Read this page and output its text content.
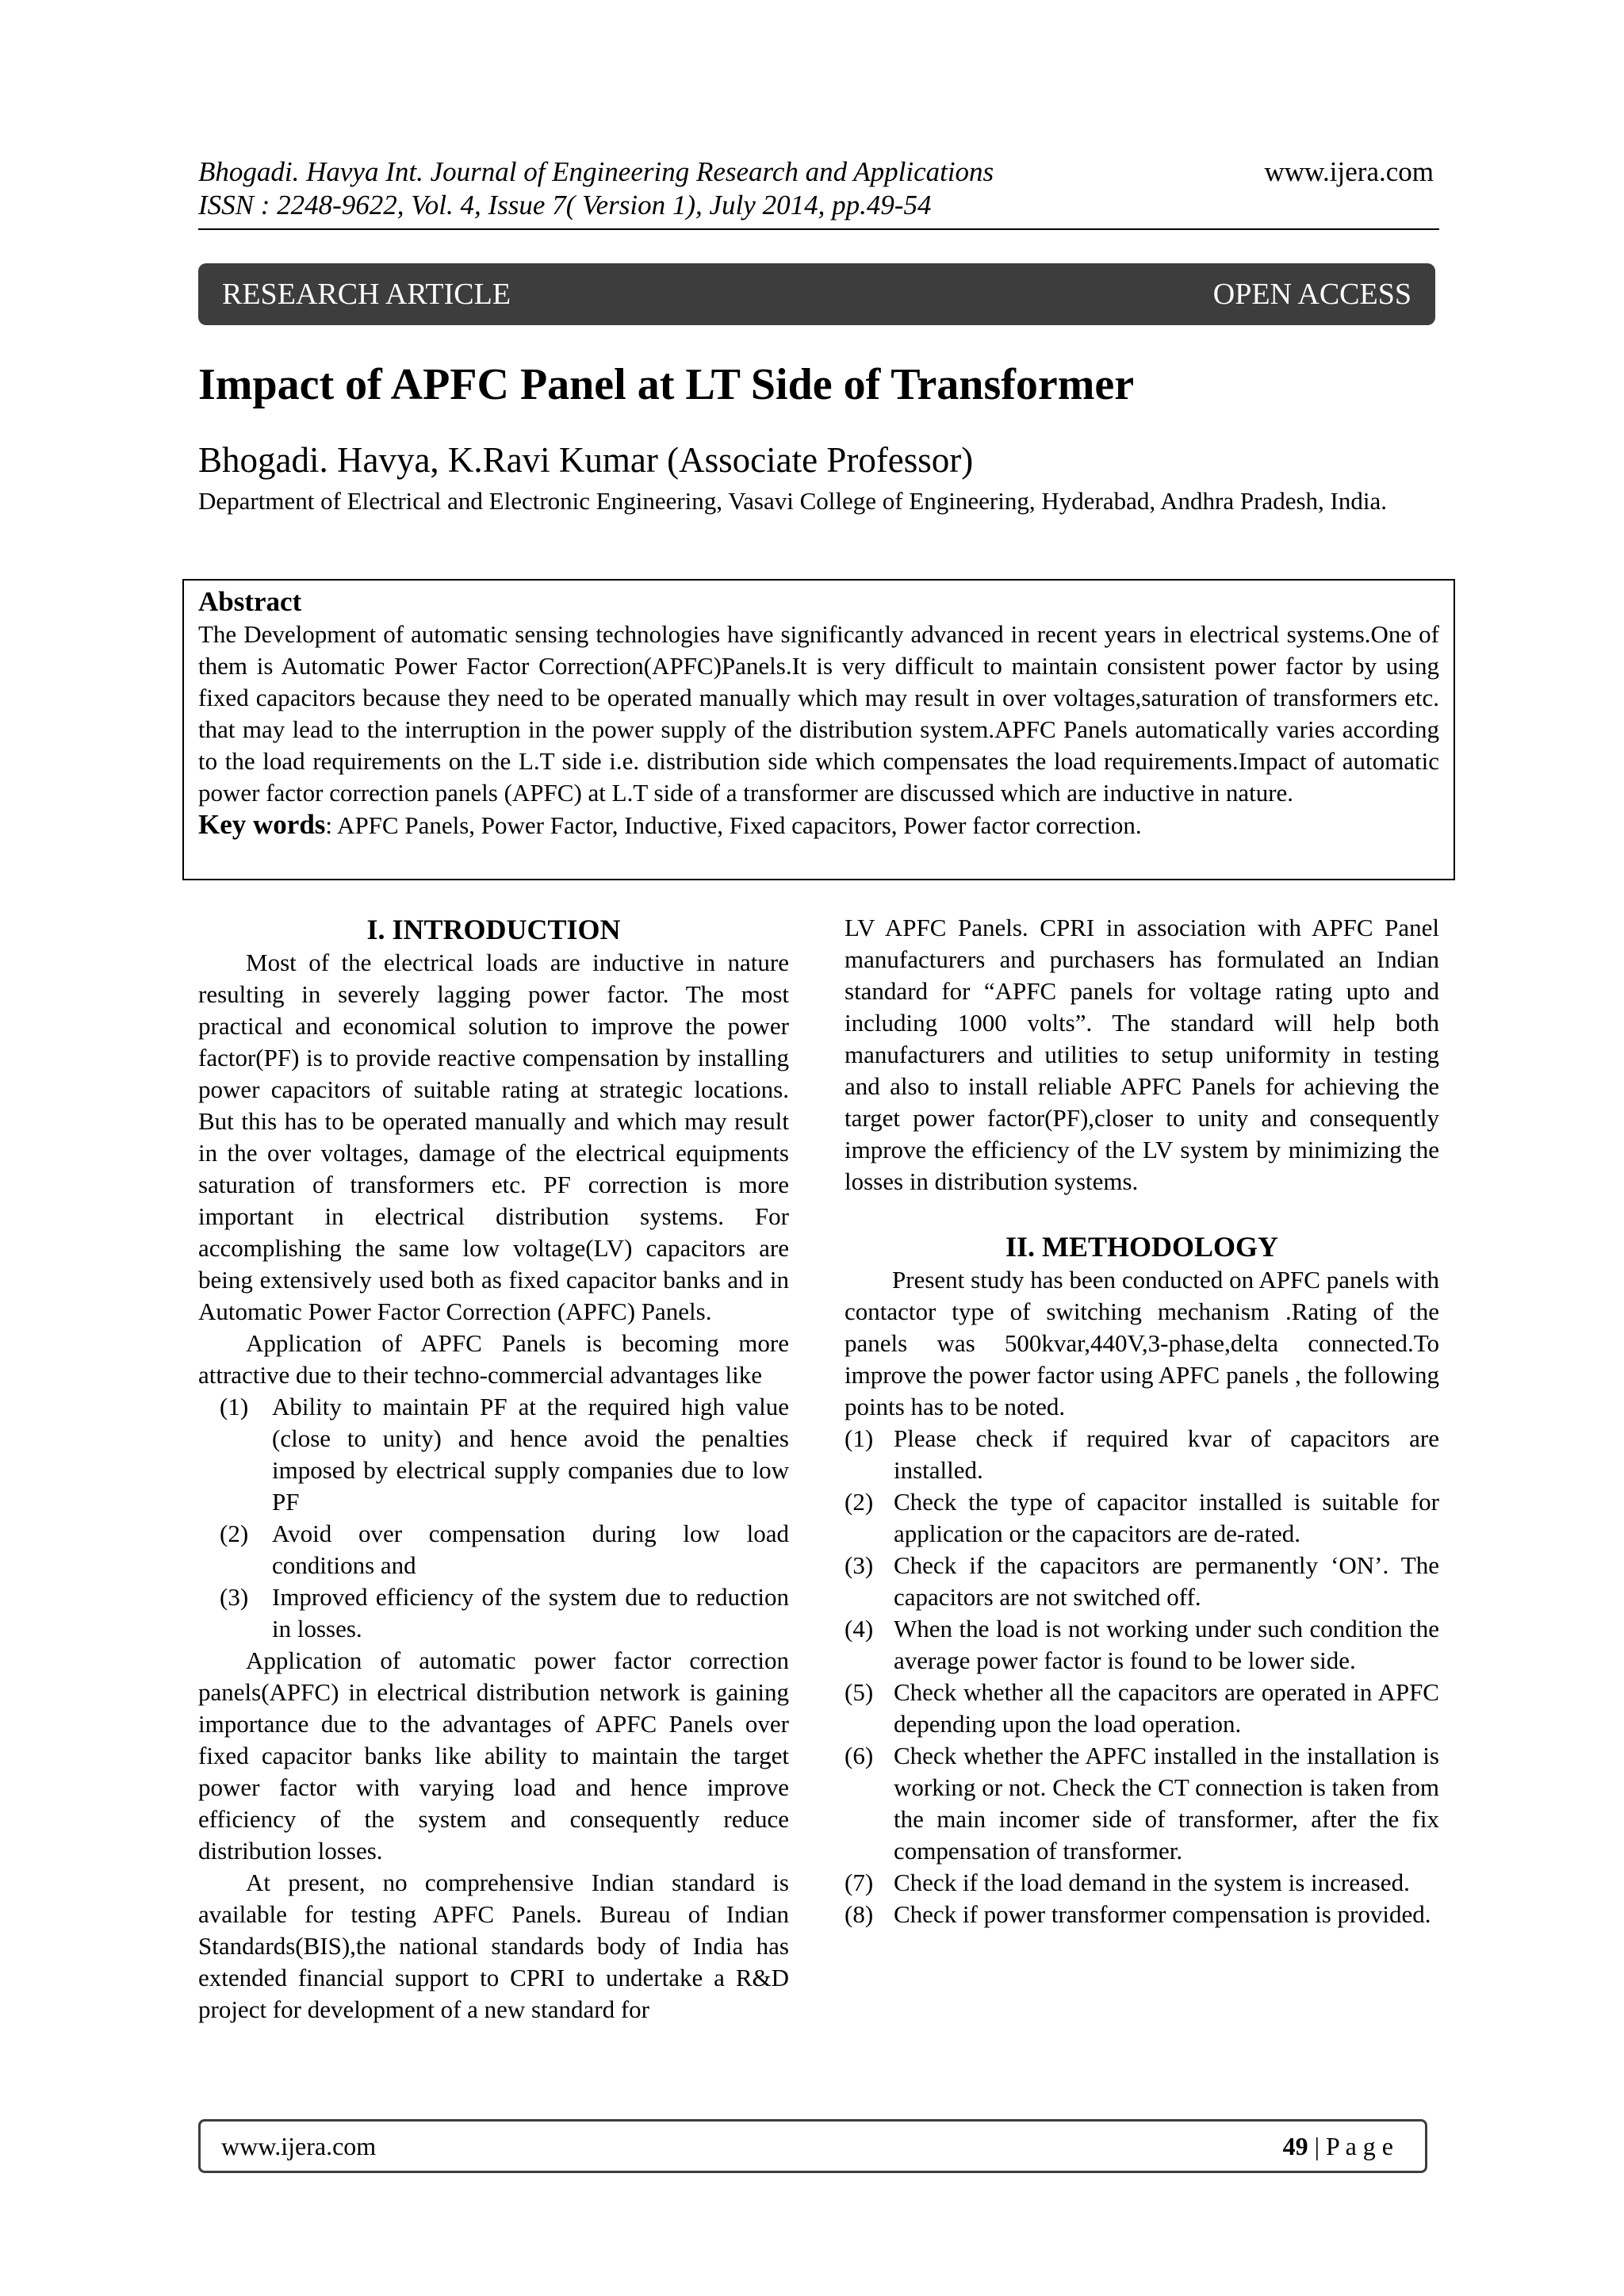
Bhogadi. Havya Int. Journal of Engineering Research and Applications
ISSN : 2248-9622, Vol. 4, Issue 7( Version 1), July 2014, pp.49-54
www.ijera.com
RESEARCH ARTICLE	OPEN ACCESS
Impact of APFC Panel at LT Side of Transformer
Bhogadi. Havya, K.Ravi Kumar (Associate Professor)
Department of Electrical and Electronic Engineering, Vasavi College of Engineering, Hyderabad, Andhra Pradesh, India.
Abstract
The Development of automatic sensing technologies have significantly advanced in recent years in electrical systems.One of them is Automatic Power Factor Correction(APFC)Panels.It is very difficult to maintain consistent power factor by using fixed capacitors because they need to be operated manually which may result in over voltages,saturation of transformers etc. that may lead to the interruption in the power supply of the distribution system.APFC Panels automatically varies according to the load requirements on the L.T side i.e. distribution side which compensates the load requirements.Impact of automatic power factor correction panels (APFC) at L.T side of a transformer are discussed which are inductive in nature.
Key words: APFC Panels, Power Factor, Inductive, Fixed capacitors, Power factor correction.
I. INTRODUCTION

Most of the electrical loads are inductive in nature resulting in severely lagging power factor. The most practical and economical solution to improve the power factor(PF) is to provide reactive compensation by installing power capacitors of suitable rating at strategic locations. But this has to be operated manually and which may result in the over voltages, damage of the electrical equipments saturation of transformers etc. PF correction is more important in electrical distribution systems. For accomplishing the same low voltage(LV) capacitors are being extensively used both as fixed capacitor banks and in Automatic Power Factor Correction (APFC) Panels.

Application of APFC Panels is becoming more attractive due to their techno-commercial advantages like

(1) Ability to maintain PF at the required high value (close to unity) and hence avoid the penalties imposed by electrical supply companies due to low PF
(2) Avoid over compensation during low load conditions and
(3) Improved efficiency of the system due to reduction in losses.

Application of automatic power factor correction panels(APFC) in electrical distribution network is gaining importance due to the advantages of APFC Panels over fixed capacitor banks like ability to maintain the target power factor with varying load and hence improve efficiency of the system and consequently reduce distribution losses.

At present, no comprehensive Indian standard is available for testing APFC Panels. Bureau of Indian Standards(BIS),the national standards body of India has extended financial support to CPRI to undertake a R&D project for development of a new standard for

LV APFC Panels. CPRI in association with APFC Panel manufacturers and purchasers has formulated an Indian standard for “APFC panels for voltage rating upto and including 1000 volts”. The standard will help both manufacturers and utilities to setup uniformity in testing and also to install reliable APFC Panels for achieving the target power factor(PF),closer to unity and consequently improve the efficiency of the LV system by minimizing the losses in distribution systems.

II. METHODOLOGY

Present study has been conducted on APFC panels with contactor type of switching mechanism .Rating of the panels was 500kvar,440V,3-phase,delta connected.To improve the power factor using APFC panels , the following points has to be noted.

(1) Please check if required kvar of capacitors are installed.
(2) Check the type of capacitor installed is suitable for application or the capacitors are de-rated.
(3) Check if the capacitors are permanently ‘ON’. The capacitors are not switched off.
(4) When the load is not working under such condition the average power factor is found to be lower side.
(5) Check whether all the capacitors are operated in APFC depending upon the load operation.
(6) Check whether the APFC installed in the installation is working or not. Check the CT connection is taken from the main incomer side of transformer, after the fix compensation of transformer.
(7) Check if the load demand in the system is increased.
(8) Check if power transformer compensation is provided.
www.ijera.com	49 | P a g e
